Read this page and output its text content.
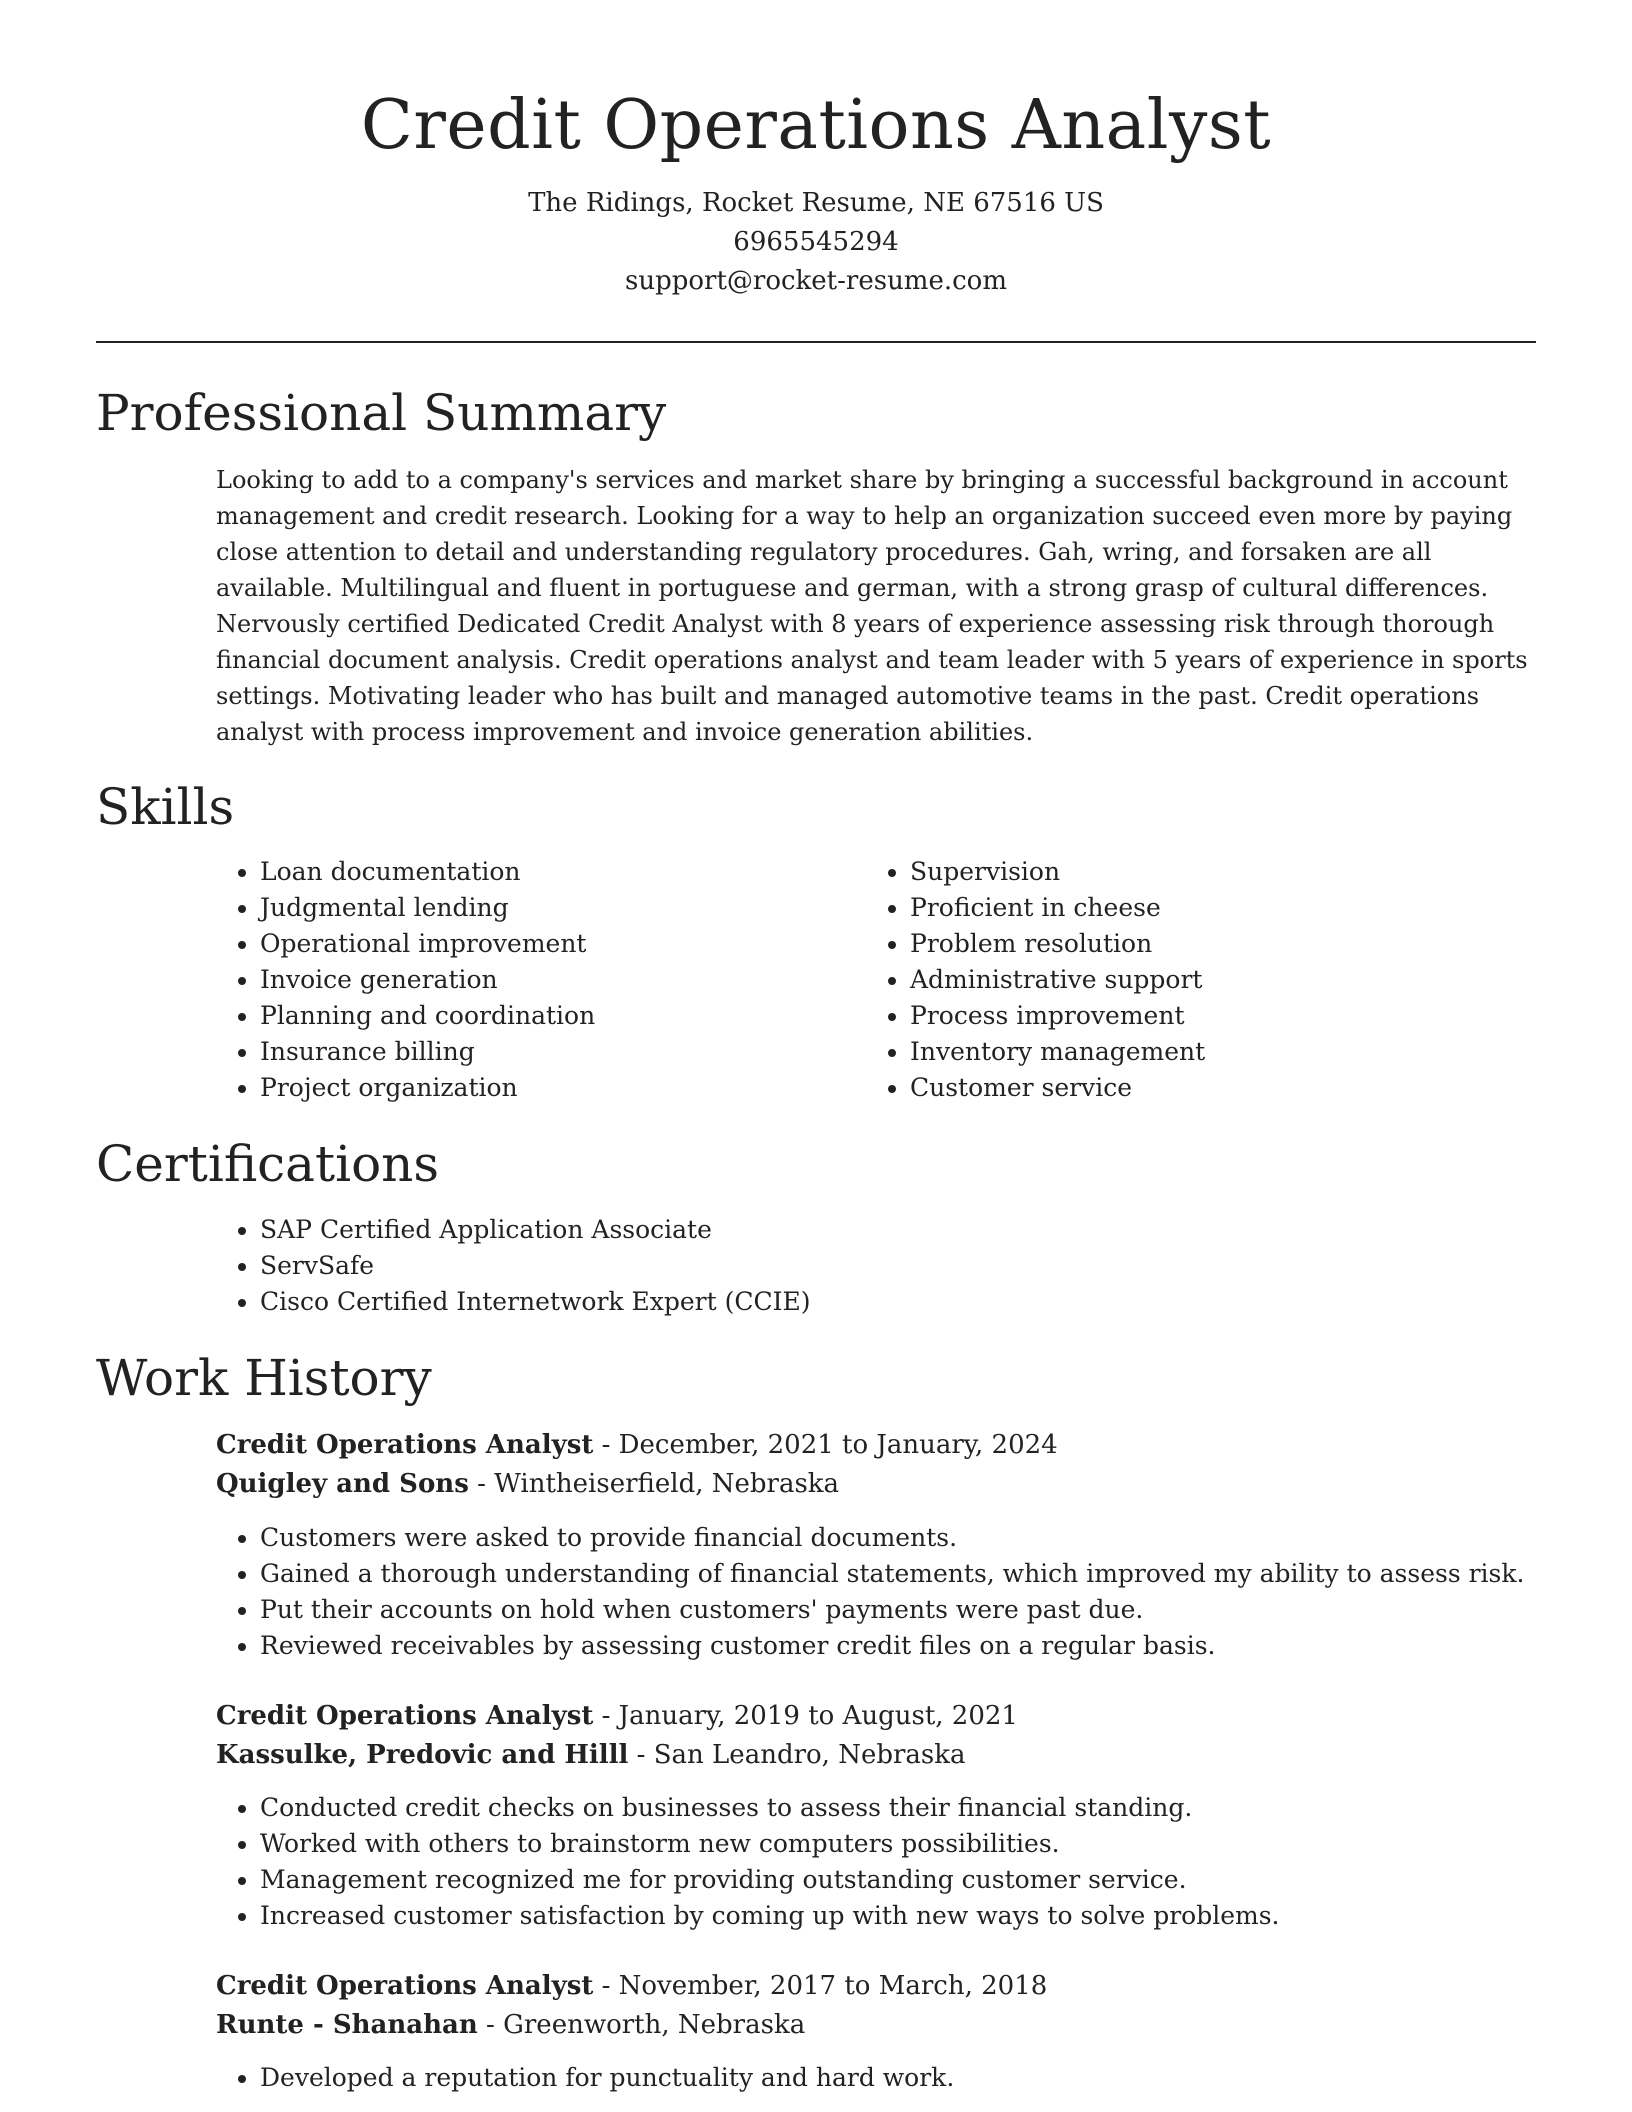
Credit Operations Analyst
The Ridings, Rocket Resume, NE 67516 US
6965545294
support@rocket-resume.com
Professional Summary

Looking to add to a company's services and market share by bringing a successful background in account management and credit research. Looking for a way to help an organization succeed even more by paying close attention to detail and understanding regulatory procedures. Gah, wring, and forsaken are all available. Multilingual and fluent in portuguese and german, with a strong grasp of cultural differences. Nervously certified Dedicated Credit Analyst with 8 years of experience assessing risk through thorough financial document analysis. Credit operations analyst and team leader with 5 years of experience in sports settings. Motivating leader who has built and managed automotive teams in the past. Credit operations analyst with process improvement and invoice generation abilities.

Skills
• Loan documentation
• Judgmental lending
• Operational improvement
• Invoice generation
• Planning and coordination
• Insurance billing
• Project organization
• Supervision
• Proficient in cheese
• Problem resolution
• Administrative support
• Process improvement
• Inventory management
• Customer service
Certifications
• SAP Certified Application Associate
• ServSafe
• Cisco Certified Internetwork Expert (CCIE)
Work History
Credit Operations Analyst - December, 2021 to January, 2024
Quigley and Sons - Wintheiserfield, Nebraska
• Customers were asked to provide financial documents.
• Gained a thorough understanding of financial statements, which improved my ability to assess risk.
• Put their accounts on hold when customers' payments were past due.
• Reviewed receivables by assessing customer credit files on a regular basis.
Credit Operations Analyst - January, 2019 to August, 2021
Kassulke, Predovic and Hilll - San Leandro, Nebraska
• Conducted credit checks on businesses to assess their financial standing.
• Worked with others to brainstorm new computers possibilities.
• Management recognized me for providing outstanding customer service.
• Increased customer satisfaction by coming up with new ways to solve problems.
Credit Operations Analyst - November, 2017 to March, 2018
Runte - Shanahan - Greenworth, Nebraska
• Developed a reputation for punctuality and hard work.
